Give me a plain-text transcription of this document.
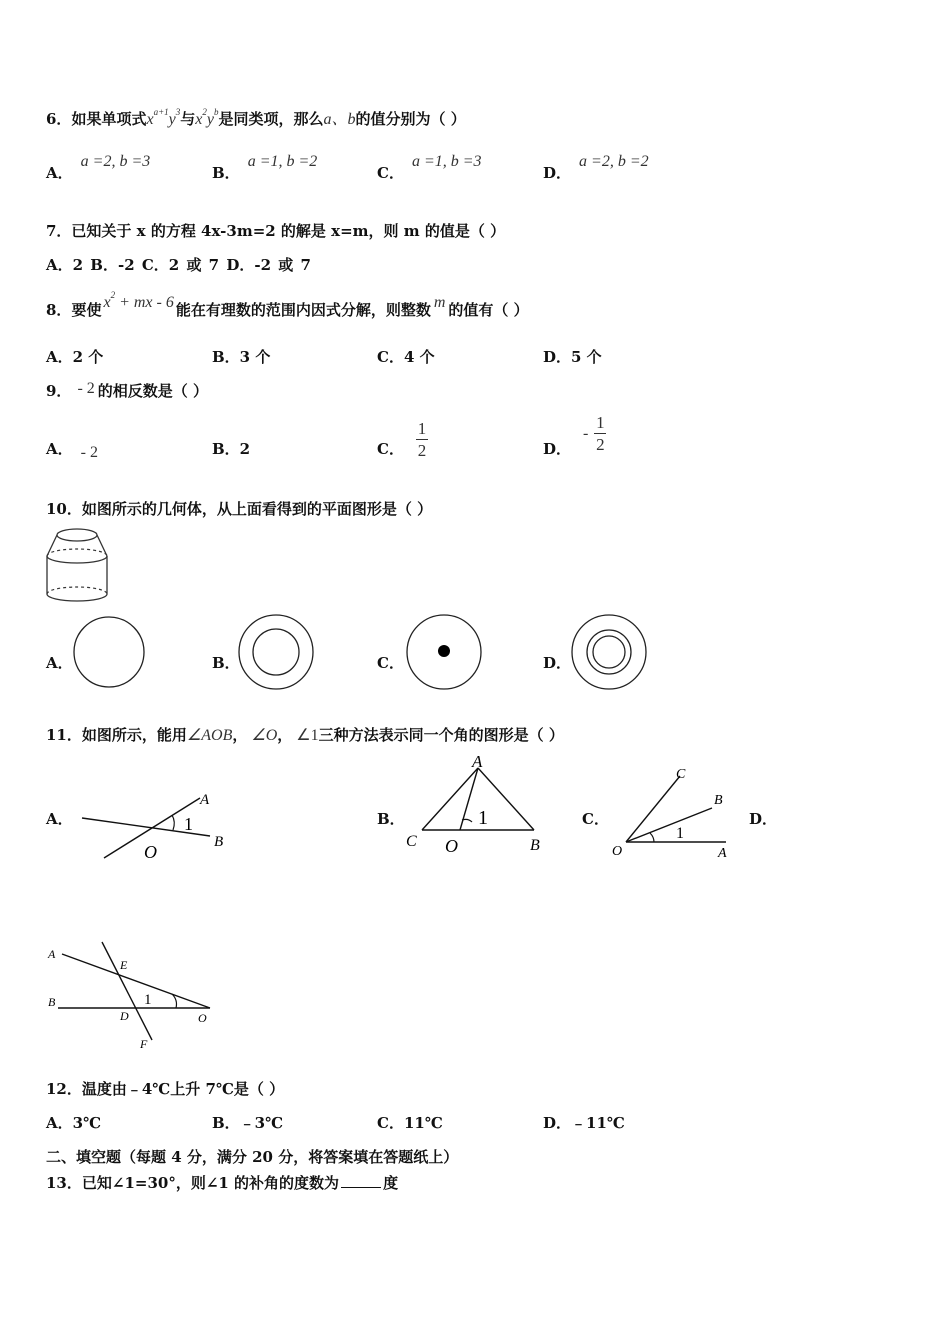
6．如果单项式$x^{a+1}y^3$与$x^2y^b$是同类项，那么a、b的值分别为（ ）
A．a =2, b =3
B．a =1, b =2
C．a =1, b =3
D．a =2, b =2
7．已知关于 x 的方程 4x-3m=2 的解是 x=m，则 m 的值是（ ）
A．2 B．-2 C．2 或 7 D．-2 或 7
8．要使 $x^2$ + mx - 6 能在有理数的范围内因式分解，则整数 m 的值有（ ）
A．2 个	B．3 个	C．4 个	D．5 个
9． - 2 的相反数是（ ）
A． - 2	B．2	C． $\frac{1}{2}$	D．- $\frac{1}{2}$
10．如图所示的几何体，从上面看得到的平面图形是（ ）
A．	B．	C．	D．
11．如图所示，能用∠AOB， ∠O， ∠1三种方法表示同一个角的图形是（ ）
A．
A
1
B
O
B．
A
1
C O	B
C．
C
B
1
O	A
D．
A
E
B	1
D	O
F
12．温度由﹣4℃上升 7℃是（ ）
A．3℃	B．﹣3℃	C．11℃	D．﹣11℃
二、填空题（每题 4 分，满分 20 分，将答案填在答题纸上）
13．已知∠1=30°，则∠1 的补角的度数为	度
